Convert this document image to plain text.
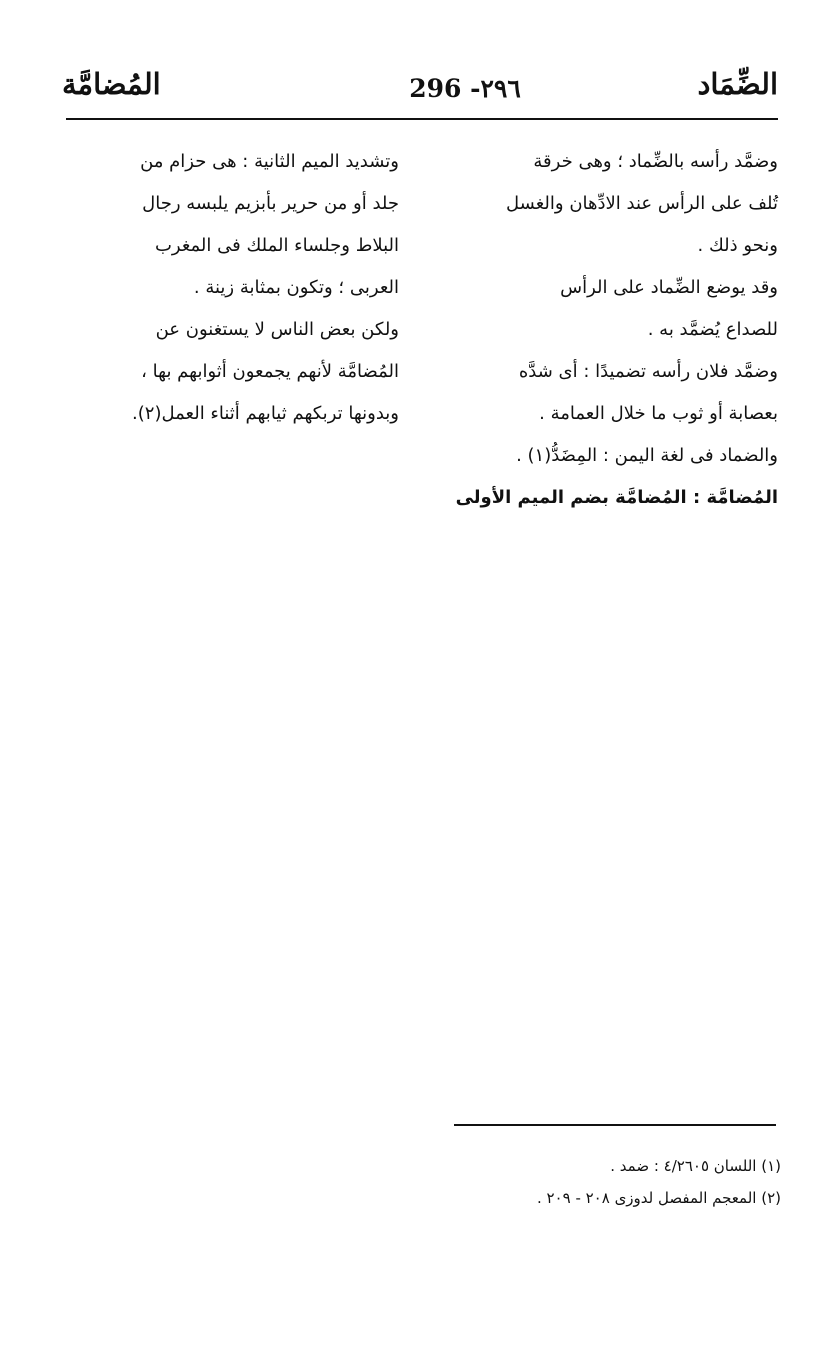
الضِّمَاد
296 -٢٩٦
المُضامَّة
وضمَّد رأسه بالضِّماد ؛ وهى خرقة
تُلف على الرأس عند الادِّهان والغسل
ونحو ذلك .
وقد يوضع الضِّماد على الرأس
للصداع يُضمَّد به .
وضمَّد فلان رأسه تضميدًا : أى شدَّه
بعصابة أو ثوب ما خلال العمامة .
والضماد فى لغة اليمن : المِضَدُّ(١) .
المُضامَّة : المُضامَّة بضم الميم الأولى
وتشديد الميم الثانية : هى حزام من
جلد أو من حرير بأبزيم يلبسه رجال
البلاط وجلساء الملك فى المغرب
العربى ؛ وتكون بمثابة زينة .
ولكن بعض الناس لا يستغنون عن
المُضامَّة لأنهم يجمعون أثوابهم بها ،
وبدونها تربكهم ثيابهم أثناء العمل(٢).
(١) اللسان ٤/٢٦٠٥ : ضمد .
(٢) المعجم المفصل لدوزى ٢٠٨ - ٢٠٩ .
